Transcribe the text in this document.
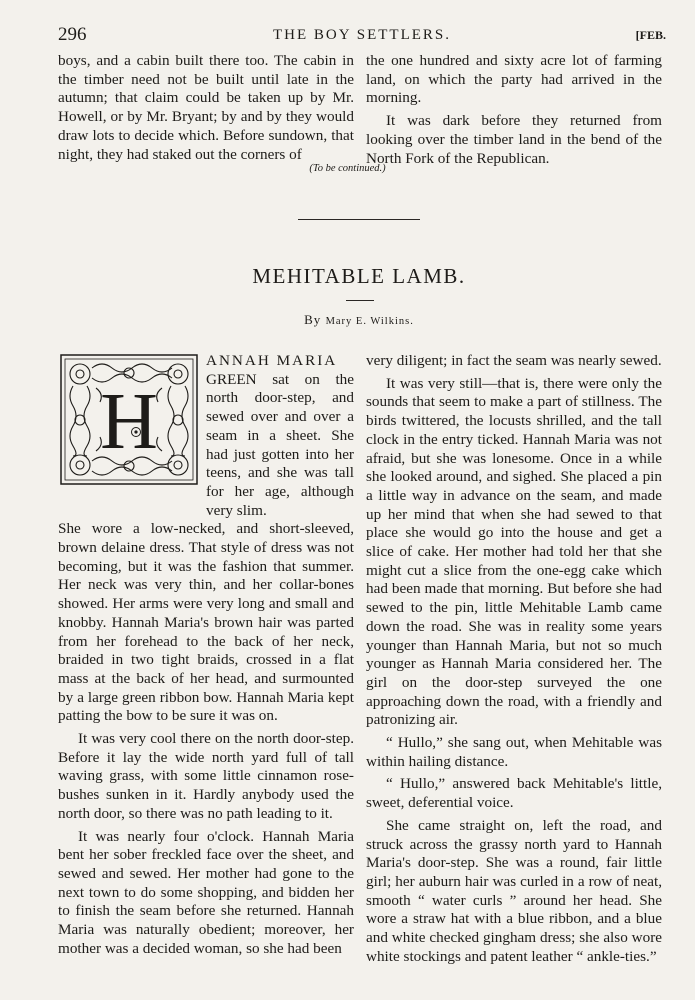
296	THE BOY SETTLERS.	[FEB.

boys, and a cabin built there too. The cabin in the timber need not be built until late in the autumn; that claim could be taken up by Mr. Howell, or by Mr. Bryant; by and by they would draw lots to decide which. Before sundown, that night, they had staked out the corners of

the one hundred and sixty acre lot of farming land, on which the party had arrived in the morning.

It was dark before they returned from looking over the timber land in the bend of the North Fork of the Republican.

(To be continued.)
MEHITABLE LAMB.
By Mary E. Wilkins.
H

ANNAH MARIA

GREEN sat on the north door-step, and sewed over and over a seam in a sheet. She had just gotten into her teens, and she was tall for her age, although very slim.

She wore a low-necked, and short-sleeved, brown delaine dress. That style of dress was not becoming, but it was the fashion that summer. Her neck was very thin, and her collar-bones showed. Her arms were very long and small and knobby. Hannah Maria's brown hair was parted from her forehead to the back of her neck, braided in two tight braids, crossed in a flat mass at the back of her head, and surmounted by a large green ribbon bow. Hannah Maria kept patting the bow to be sure it was on.

It was very cool there on the north door-step. Before it lay the wide north yard full of tall waving grass, with some little cinnamon rose-bushes sunken in it. Hardly anybody used the north door, so there was no path leading to it.

It was nearly four o'clock. Hannah Maria bent her sober freckled face over the sheet, and sewed and sewed. Her mother had gone to the next town to do some shopping, and bidden her to finish the seam before she returned. Hannah Maria was naturally obedient; moreover, her mother was a decided woman, so she had been

very diligent; in fact the seam was nearly sewed.

It was very still—that is, there were only the sounds that seem to make a part of stillness. The birds twittered, the locusts shrilled, and the tall clock in the entry ticked. Hannah Maria was not afraid, but she was lonesome. Once in a while she looked around, and sighed. She placed a pin a little way in advance on the seam, and made up her mind that when she had sewed to that place she would go into the house and get a slice of cake. Her mother had told her that she might cut a slice from the one-egg cake which had been made that morning. But before she had sewed to the pin, little Mehitable Lamb came down the road. She was in reality some years younger than Hannah Maria, but not so much younger as Hannah Maria considered her. The girl on the door-step surveyed the one approaching down the road, with a friendly and patronizing air.

“ Hullo,” she sang out, when Mehitable was within hailing distance.

“ Hullo,” answered back Mehitable's little, sweet, deferential voice.

She came straight on, left the road, and struck across the grassy north yard to Hannah Maria's door-step. She was a round, fair little girl; her auburn hair was curled in a row of neat, smooth “ water curls ” around her head. She wore a straw hat with a blue ribbon, and a blue and white checked gingham dress; she also wore white stockings and patent leather “ ankle-ties.”
